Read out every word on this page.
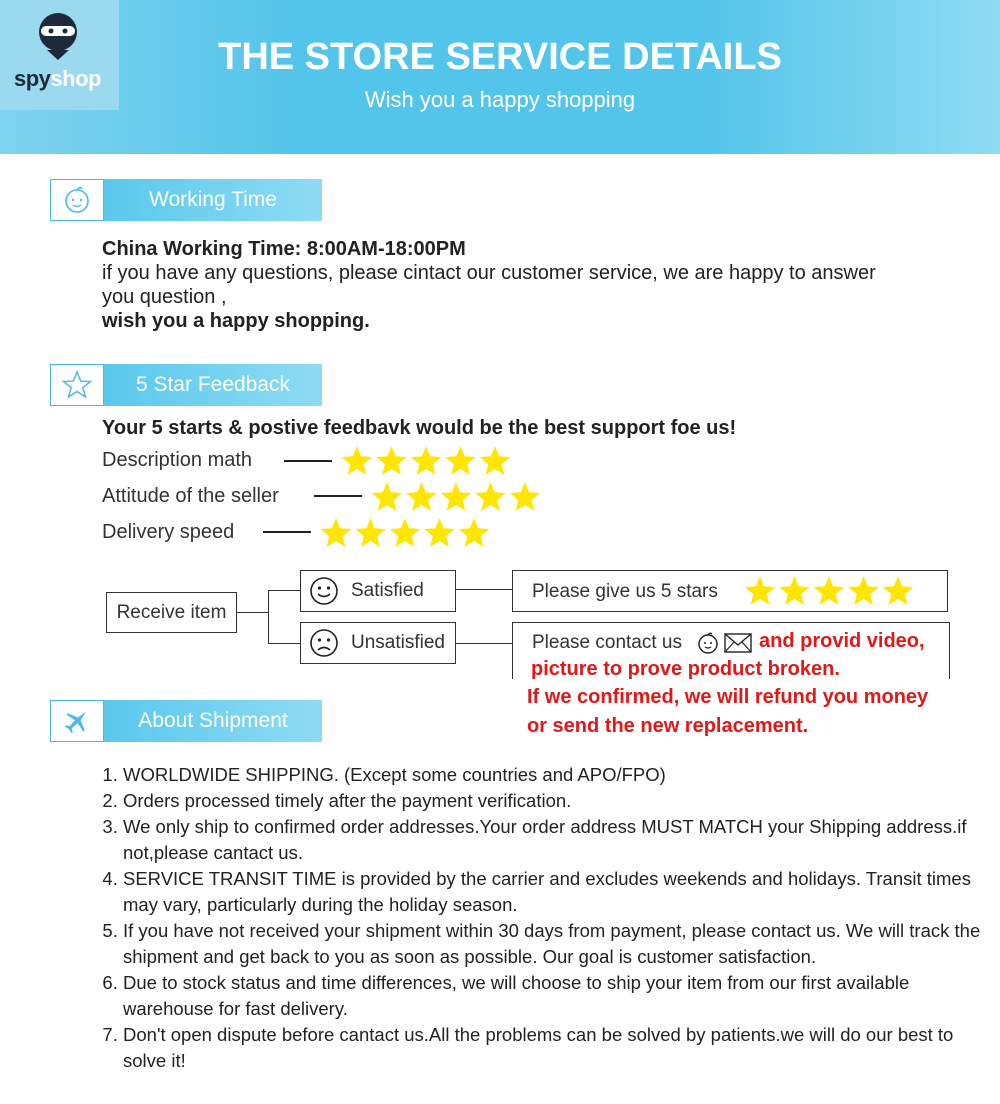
spyshop
THE STORE SERVICE DETAILS
Wish you a happy shopping
Working Time
China Working Time: 8:00AM-18:00PM
if you have any questions, please cintact our customer service, we are happy to answer
you question ,
wish you a happy shopping.
5 Star Feedback
Your 5 starts & postive feedbavk would be the best support foe us!
Description math
Attitude of the seller
Delivery speed
Receive item
Satisfied
Unsatisfied
Please give us 5 stars
Please contact us	and provid video,
picture to prove product broken.
If we confirmed, we will refund you money
or send the new replacement.
About Shipment
1. WORLDWIDE SHIPPING. (Except some countries and APO/FPO)
2. Orders processed timely after the payment verification.
3. We only ship to confirmed order addresses.Your order address MUST MATCH your Shipping address.if not,please cantact us.
4. SERVICE TRANSIT TIME is provided by the carrier and excludes weekends and holidays. Transit times may vary, particularly during the holiday season.
5. If you have not received your shipment within 30 days from payment, please contact us. We will track the shipment and get back to you as soon as possible. Our goal is customer satisfaction.
6. Due to stock status and time differences, we will choose to ship your item from our first available warehouse for fast delivery.
7. Don't open dispute before cantact us.All the problems can be solved by patients.we will do our best to solve it!
